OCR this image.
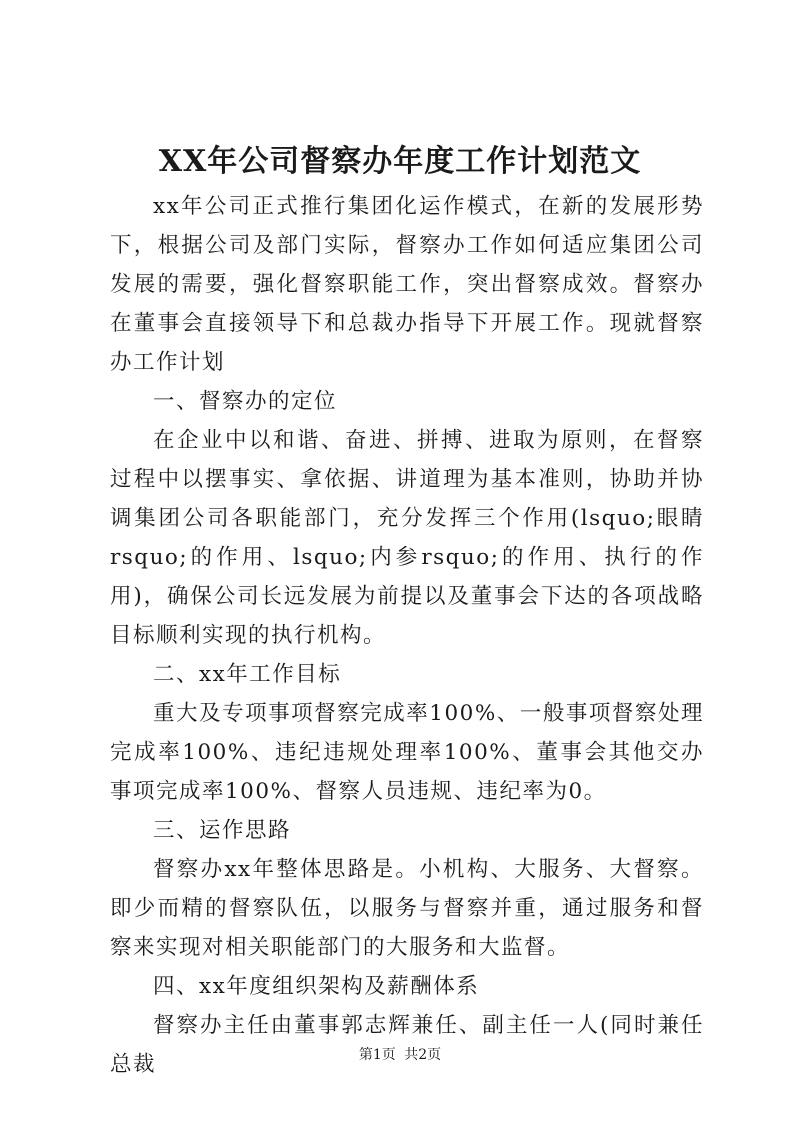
XX年公司督察办年度工作计划范文

xx年公司正式推行集团化运作模式，在新的发展形势下，根据公司及部门实际，督察办工作如何适应集团公司发展的需要，强化督察职能工作，突出督察成效。督察办在董事会直接领导下和总裁办指导下开展工作。现就督察办工作计划

一、督察办的定位

在企业中以和谐、奋进、拼搏、进取为原则，在督察过程中以摆事实、拿依据、讲道理为基本准则，协助并协调集团公司各职能部门，充分发挥三个作用(lsquo;眼睛rsquo;的作用、lsquo;内参rsquo;的作用、执行的作用)，确保公司长远发展为前提以及董事会下达的各项战略目标顺利实现的执行机构。

二、xx年工作目标

重大及专项事项督察完成率100%、一般事项督察处理完成率100%、违纪违规处理率100%、董事会其他交办事项完成率100%、督察人员违规、违纪率为0。

三、运作思路

督察办xx年整体思路是。小机构、大服务、大督察。即少而精的督察队伍，以服务与督察并重，通过服务和督察来实现对相关职能部门的大服务和大监督。

四、xx年度组织架构及薪酬体系

督察办主任由董事郭志辉兼任、副主任一人(同时兼任总裁	第1页 共2页
